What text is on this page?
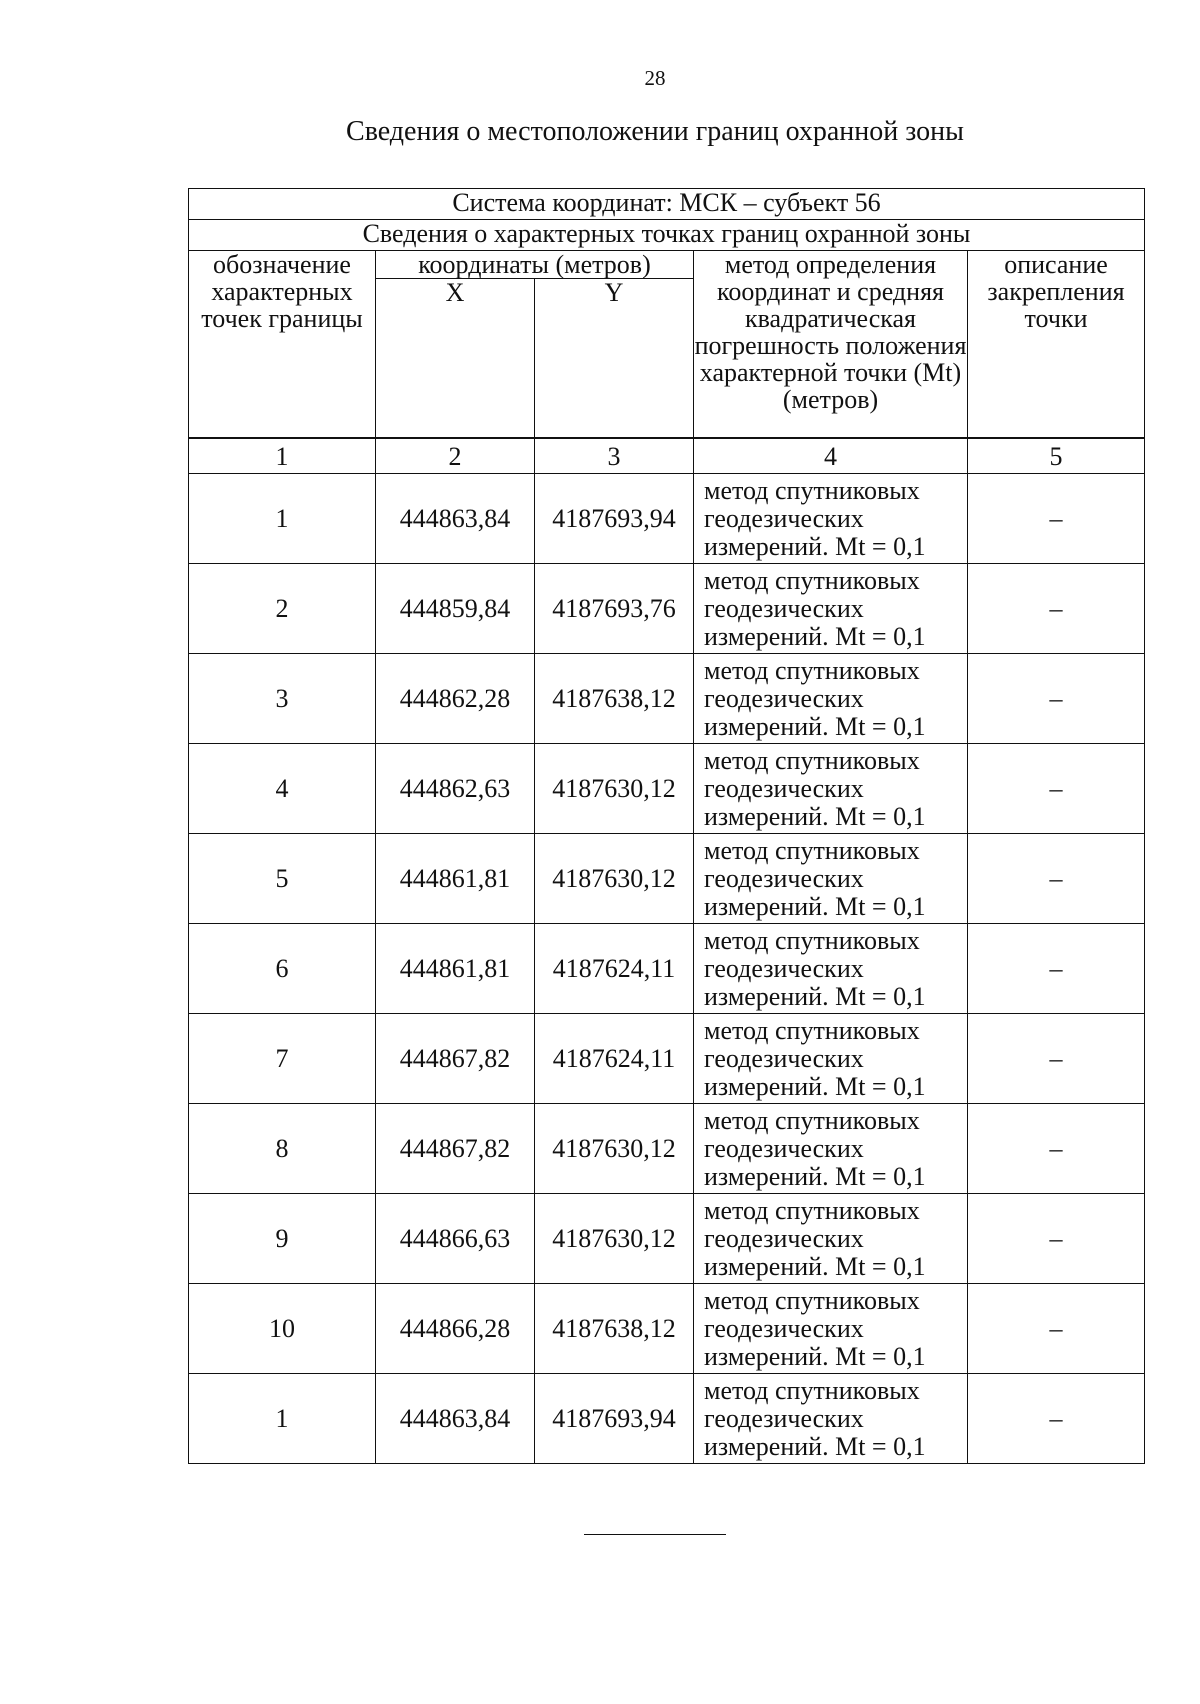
28
Сведения о местоположении границ охранной зоны
Система координат: МСК – субъект 56				
Сведения о характерных точках границ охранной зоны				
обозначение характерных точек границы	координаты (метров)		метод определения координат и средняя квадратическая погрешность положения характерной точки (Mt) (метров)	описание закрепления точки
	X	Y		
1	2	3	4	5
1	444863,84	4187693,94	метод спутниковых геодезических измерений. Mt = 0,1	–
2	444859,84	4187693,76	метод спутниковых геодезических измерений. Mt = 0,1	–
3	444862,28	4187638,12	метод спутниковых геодезических измерений. Mt = 0,1	–
4	444862,63	4187630,12	метод спутниковых геодезических измерений. Mt = 0,1	–
5	444861,81	4187630,12	метод спутниковых геодезических измерений. Mt = 0,1	–
6	444861,81	4187624,11	метод спутниковых геодезических измерений. Mt = 0,1	–
7	444867,82	4187624,11	метод спутниковых геодезических измерений. Mt = 0,1	–
8	444867,82	4187630,12	метод спутниковых геодезических измерений. Mt = 0,1	–
9	444866,63	4187630,12	метод спутниковых геодезических измерений. Mt = 0,1	–
10	444866,28	4187638,12	метод спутниковых геодезических измерений. Mt = 0,1	–
1	444863,84	4187693,94	метод спутниковых геодезических измерений. Mt = 0,1	–
